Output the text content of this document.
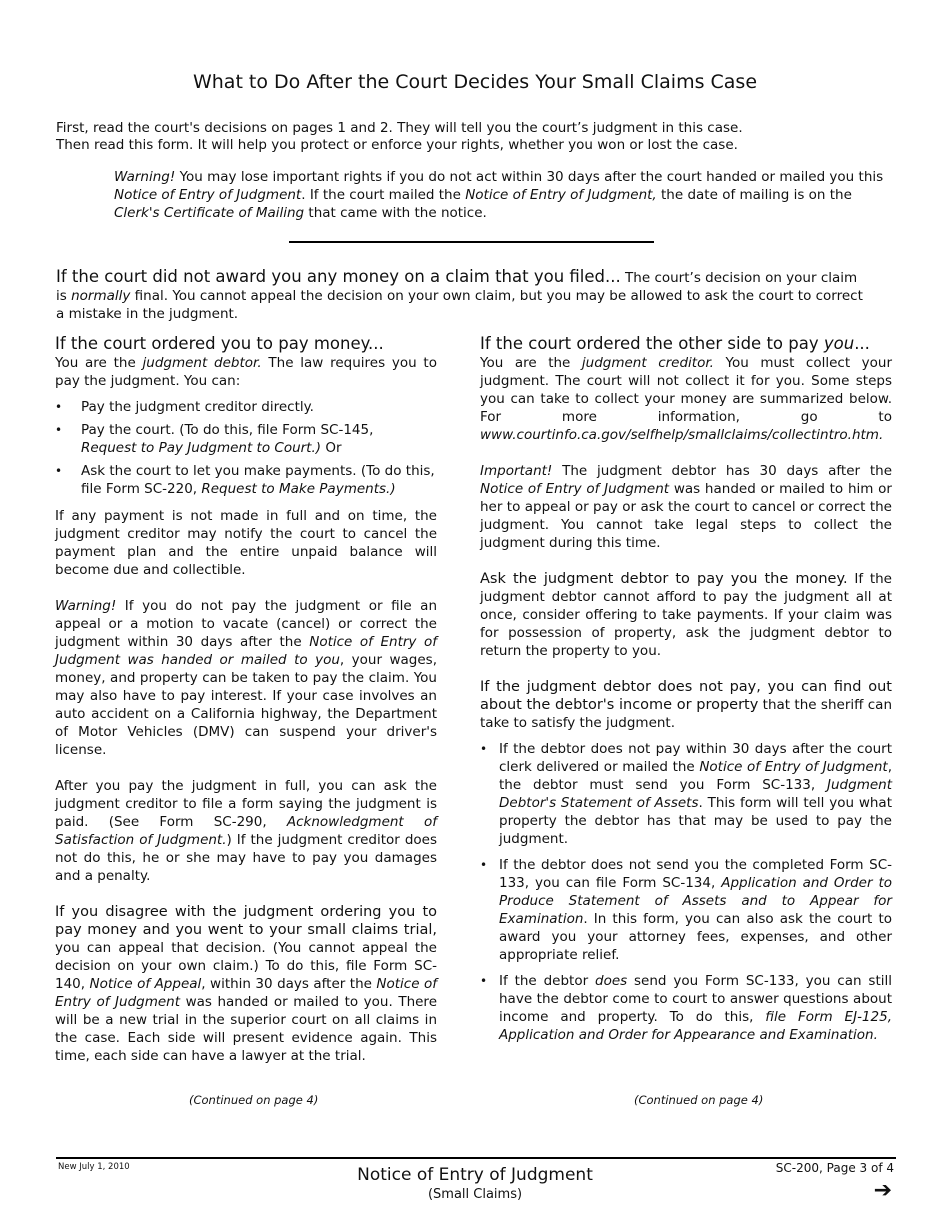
What to Do After the Court Decides Your Small Claims Case
First, read the court's decisions on pages 1 and 2. They will tell you the court’s judgment in this case.
Then read this form. It will help you protect or enforce your rights, whether you won or lost the case.
Warning! You may lose important rights if you do not act within 30 days after the court handed or mailed you this Notice of Entry of Judgment. If the court mailed the Notice of Entry of Judgment, the date of mailing is on the Clerk's Certificate of Mailing that came with the notice.
If the court did not award you any money on a claim that you filed... The court’s decision on your claim is normally final. You cannot appeal the decision on your own claim, but you may be allowed to ask the court to correct a mistake in the judgment.
If the court ordered you to pay money...

You are the judgment debtor. The law requires you to pay the judgment. You can:

• Pay the judgment creditor directly.
• Pay the court. (To do this, file Form SC-145,
Request to Pay Judgment to Court.) Or
• Ask the court to let you make payments. (To do this, file Form SC-220, Request to Make Payments.)

If any payment is not made in full and on time, the judgment creditor may notify the court to cancel the payment plan and the entire unpaid balance will become due and collectible.

Warning! If you do not pay the judgment or file an appeal or a motion to vacate (cancel) or correct the judgment within 30 days after the Notice of Entry of Judgment was handed or mailed to you, your wages, money, and property can be taken to pay the claim. You may also have to pay interest. If your case involves an auto accident on a California highway, the Department of Motor Vehicles (DMV) can suspend your driver's license.

After you pay the judgment in full, you can ask the judgment creditor to file a form saying the judgment is paid. (See Form SC-290, Acknowledgment of Satisfaction of Judgment.) If the judgment creditor does not do this, he or she may have to pay you damages and a penalty.

If you disagree with the judgment ordering you to pay money and you went to your small claims trial, you can appeal that decision. (You cannot appeal the decision on your own claim.) To do this, file Form SC-140, Notice of Appeal, within 30 days after the Notice of Entry of Judgment was handed or mailed to you. There will be a new trial in the superior court on all claims in the case. Each side will present evidence again. This time, each side can have a lawyer at the trial.

(Continued on page 4)
If the court ordered the other side to pay you...

You are the judgment creditor. You must collect your judgment. The court will not collect it for you. Some steps you can take to collect your money are summarized below. For more information, go to www.courtinfo.ca.gov/selfhelp/smallclaims/collectintro.htm.

Important! The judgment debtor has 30 days after the Notice of Entry of Judgment was handed or mailed to him or her to appeal or pay or ask the court to cancel or correct the judgment. You cannot take legal steps to collect the judgment during this time.

Ask the judgment debtor to pay you the money. If the judgment debtor cannot afford to pay the judgment all at once, consider offering to take payments. If your claim was for possession of property, ask the judgment debtor to return the property to you.

If the judgment debtor does not pay, you can find out about the debtor's income or property that the sheriff can take to satisfy the judgment.

• If the debtor does not pay within 30 days after the court clerk delivered or mailed the Notice of Entry of Judgment, the debtor must send you Form SC-133, Judgment Debtor's Statement of Assets. This form will tell you what property the debtor has that may be used to pay the judgment.
• If the debtor does not send you the completed Form SC-133, you can file Form SC-134, Application and Order to Produce Statement of Assets and to Appear for Examination. In this form, you can also ask the court to award you your attorney fees, expenses, and other appropriate relief.
• If the debtor does send you Form SC-133, you can still have the debtor come to court to answer questions about income and property. To do this, file Form EJ-125, Application and Order for Appearance and Examination.
(Continued on page 4)
New July 1, 2010	Notice of Entry of Judgment
(Small Claims)
SC-200, Page 3 of 4
➔
